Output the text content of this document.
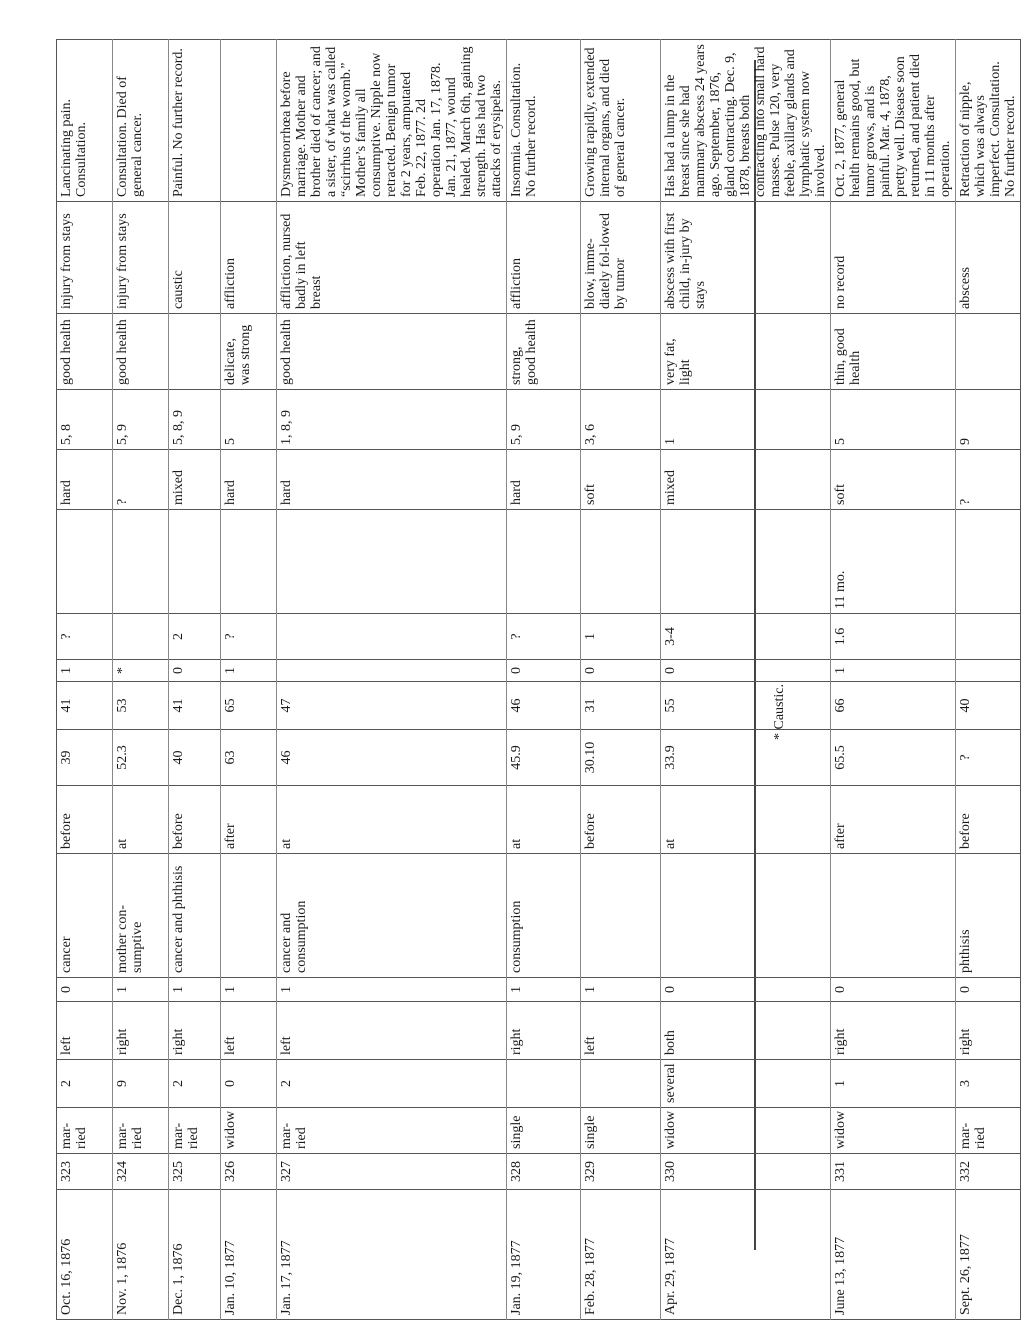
Oct. 16, 1876	323	mar-ried	2	left	0	cancer	before	39	41	1	?		hard	5, 8	good health	injury from stays	Lancinating pain. Consultation.
Nov. 1, 1876	324	mar-ried	9	right	1	mother con-sumptive	at	52.3	53	*			?	5, 9	good health	injury from stays	Consultation. Died of general cancer.
Dec. 1, 1876	325	mar-ried	2	right	1	cancer and phthisis	before	40	41	0	2		mixed	5, 8, 9		caustic	Painful. No further record.
Jan. 10, 1877	326	widow	0	left	1		after	63	65	1	?		hard	5	delicate, was strong	affliction	
Jan. 17, 1877	327	mar-ried	2	left	1	cancer and consumption	at	46	47				hard	1, 8, 9	good health	affliction, nursed badly in left breast	Dysmenorrhœa before marriage. Mother and brother died of cancer; and a sister, of what was called “scirrhus of the womb.” Mother’s family all consumptive. Nipple now retracted. Benign tumor for 2 years, amputated Feb. 22, 1877. 2d operation Jan. 17, 1878. Jan. 21, 1877, wound healed. March 6th, gaining strength. Has had two attacks of erysipelas.
Jan. 19, 1877	328	single		right	1	consumption	at	45.9	46	0	?		hard	5, 9	strong, good health	affliction	Insomnia. Consultation. No further record.
Feb. 28, 1877	329	single		left	1		before	30.10	31	0	1		soft	3, 6		blow, imme-diately fol-lowed by tumor	Growing rapidly, extended internal organs, and died of general cancer.
Apr. 29, 1877	330	widow	several	both	0		at	33.9	55	0	3-4		mixed	1	very fat, light	abscess with first child, in-jury by stays	Has had a lump in the breast since she had mammary abscess 24 years ago. September, 1876, gland contracting. Dec. 9, 1878, breasts both contracting into small hard masses. Pulse 120, very feeble, axillary glands and lymphatic system now involved.
June 13, 1877	331	widow	1	right	0		after	65.5	66	1	1.6	11 mo.	soft	5	thin, good health	no record	Oct. 2, 1877, general health remains good, but tumor grows, and is painful. Mar. 4, 1878, pretty well. Disease soon returned, and patient died in 11 months after operation.
Sept. 26, 1877	332	mar-ried	3	right	0	phthisis	before	?	40				?	9		abscess	Retraction of nipple, which was always imperfect. Consultation. No further record.
* Caustic.
